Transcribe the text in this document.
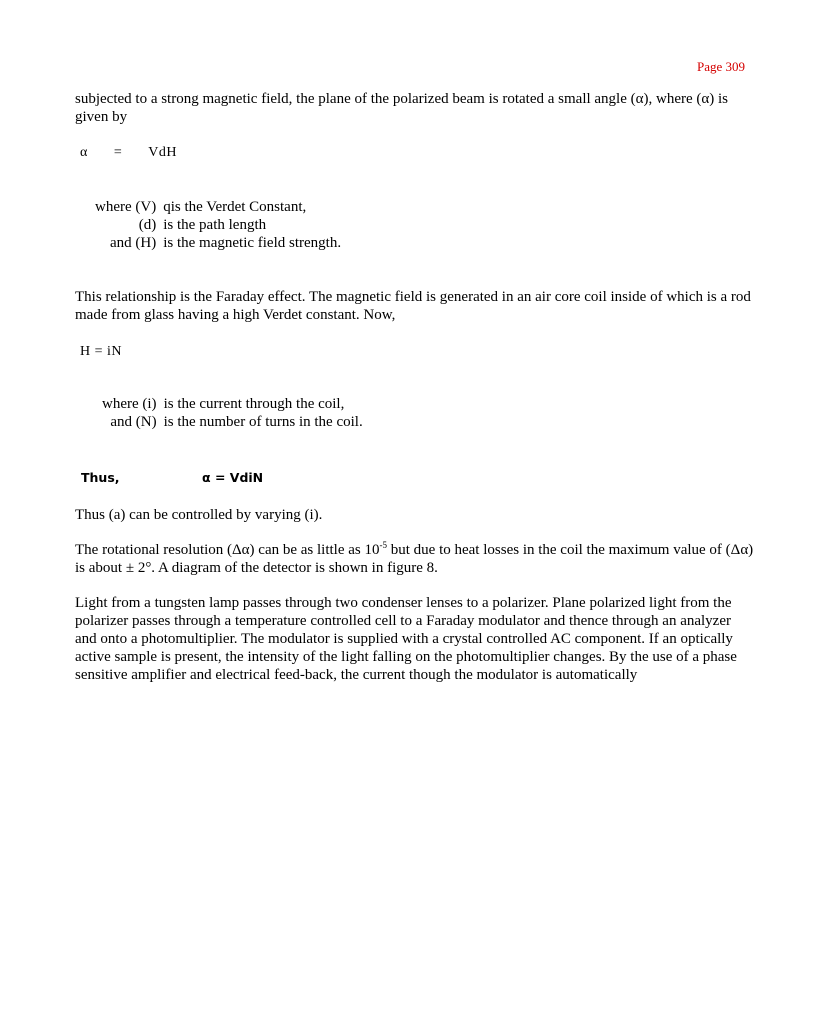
Page 309

subjected to a strong magnetic field, the plane of the polarized beam is rotated a small angle (α), where (α) is given by

α = VdH
where (V)	qis the Verdet Constant,
(d)	is the path length
and (H)	is the magnetic field strength.

This relationship is the Faraday effect. The magnetic field is generated in an air core coil inside of which is a rod made from glass having a high Verdet constant. Now,

H = iN
where (i)	is the current through the coil,
and (N)	is the number of turns in the coil.
Thus,	α = VdiN

Thus (a) can be controlled by varying (i).

The rotational resolution (Δα) can be as little as $10^{-5}$ but due to heat losses in the coil the maximum value of (Δα) is about ± 2°. A diagram of the detector is shown in figure 8.

Light from a tungsten lamp passes through two condenser lenses to a polarizer. Plane polarized light from the polarizer passes through a temperature controlled cell to a Faraday modulator and thence through an analyzer and onto a photomultiplier. The modulator is supplied with a crystal controlled AC component. If an optically active sample is present, the intensity of the light falling on the photomultiplier changes. By the use of a phase sensitive amplifier and electrical feed-back, the current though the modulator is automatically
